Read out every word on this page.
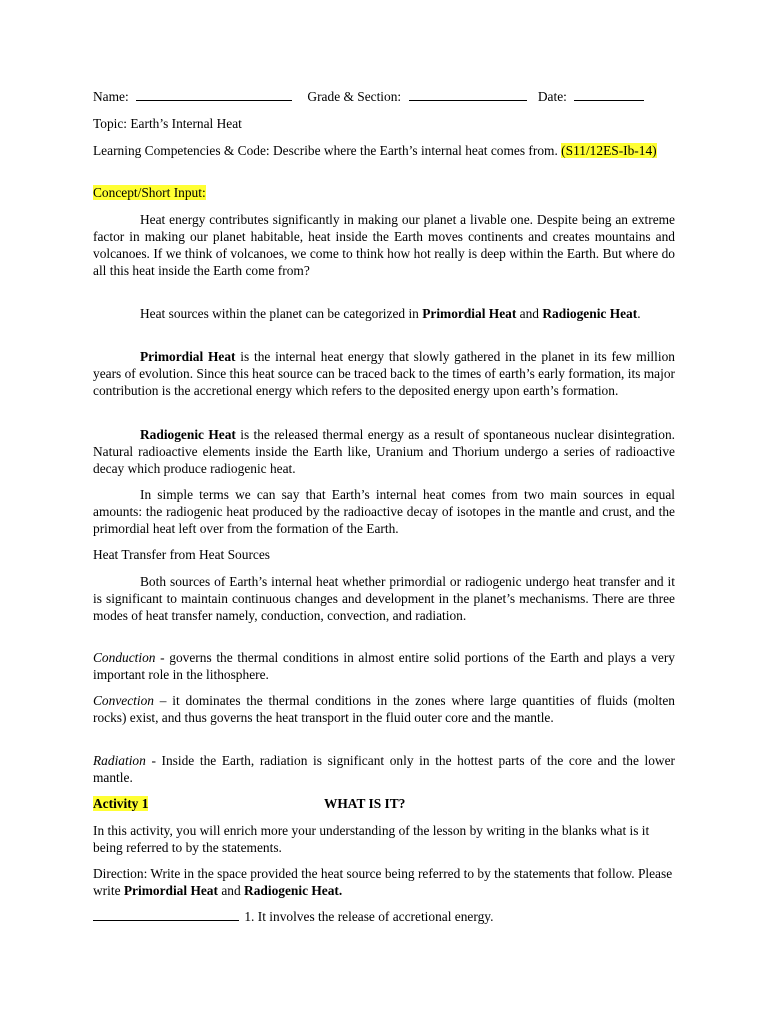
Name:	Grade & Section:	Date:
Topic: Earth’s Internal Heat
Learning Competencies & Code: Describe where the Earth’s internal heat comes from. (S11/12ES-Ib-14)
Concept/Short Input:
Heat energy contributes significantly in making our planet a livable one. Despite being an extreme factor in making our planet habitable, heat inside the Earth moves continents and creates mountains and volcanoes. If we think of volcanoes, we come to think how hot really is deep within the Earth. But where do all this heat inside the Earth come from?
Heat sources within the planet can be categorized in Primordial Heat and Radiogenic Heat.
Primordial Heat is the internal heat energy that slowly gathered in the planet in its few million years of evolution. Since this heat source can be traced back to the times of earth’s early formation, its major contribution is the accretional energy which refers to the deposited energy upon earth’s formation.
Radiogenic Heat is the released thermal energy as a result of spontaneous nuclear disintegration. Natural radioactive elements inside the Earth like, Uranium and Thorium undergo a series of radioactive decay which produce radiogenic heat.
In simple terms we can say that Earth’s internal heat comes from two main sources in equal amounts: the radiogenic heat produced by the radioactive decay of isotopes in the mantle and crust, and the primordial heat left over from the formation of the Earth.
Heat Transfer from Heat Sources
Both sources of Earth’s internal heat whether primordial or radiogenic undergo heat transfer and it is significant to maintain continuous changes and development in the planet’s mechanisms. There are three modes of heat transfer namely, conduction, convection, and radiation.
Conduction - governs the thermal conditions in almost entire solid portions of the Earth and plays a very important role in the lithosphere.
Convection – it dominates the thermal conditions in the zones where large quantities of fluids (molten rocks) exist, and thus governs the heat transport in the fluid outer core and the mantle.
Radiation - Inside the Earth, radiation is significant only in the hottest parts of the core and the lower mantle.
Activity 1	WHAT IS IT?
In this activity, you will enrich more your understanding of the lesson by writing in the blanks what is it being referred to by the statements.
Direction: Write in the space provided the heat source being referred to by the statements that follow. Please write Primordial Heat and Radiogenic Heat.
1. It involves the release of accretional energy.
